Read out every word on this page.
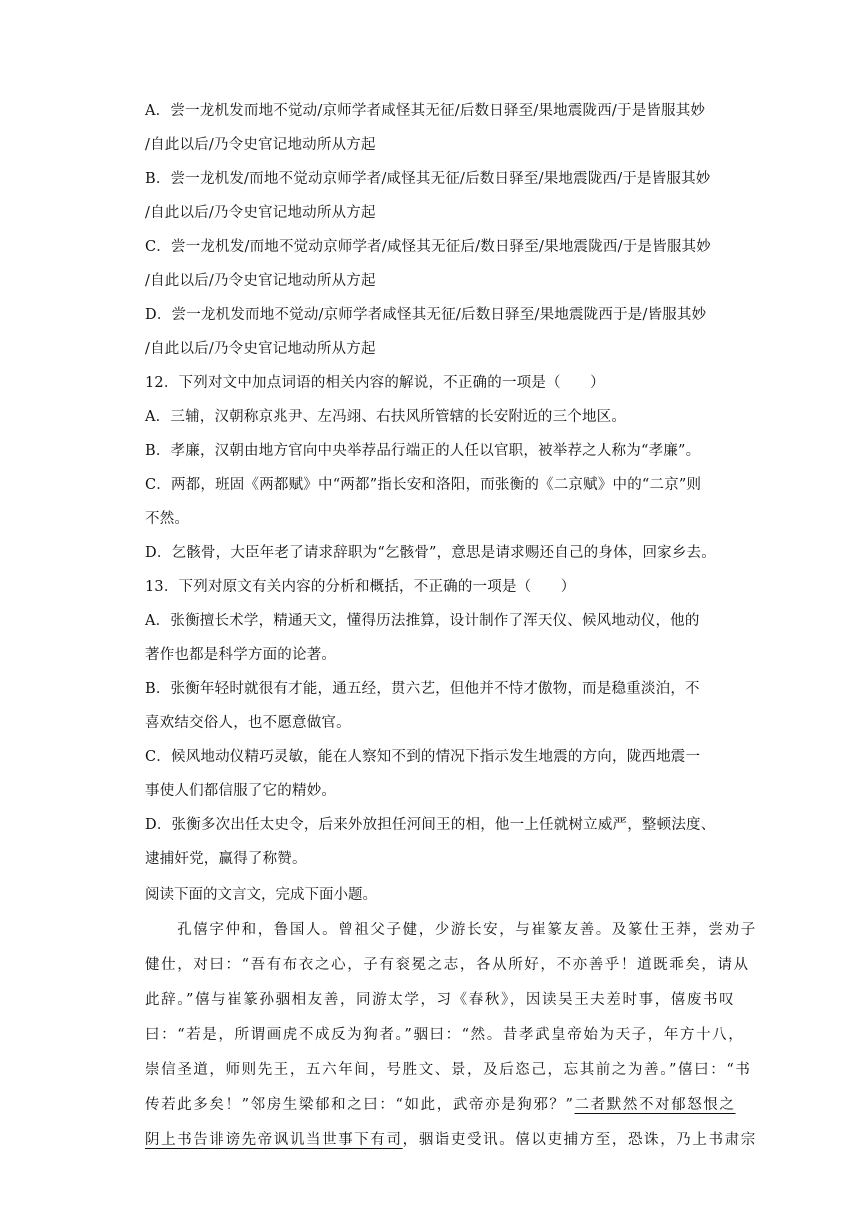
A．尝一龙机发而地不觉动/京师学者咸怪其无征/后数日驿至/果地震陇西/于是皆服其妙
/自此以后/乃令史官记地动所从方起
B．尝一龙机发/而地不觉动京师学者/咸怪其无征/后数日驿至/果地震陇西/于是皆服其妙
/自此以后/乃令史官记地动所从方起
C．尝一龙机发/而地不觉动京师学者/咸怪其无征后/数日驿至/果地震陇西/于是皆服其妙
/自此以后/乃令史官记地动所从方起
D．尝一龙机发而地不觉动/京师学者咸怪其无征/后数日驿至/果地震陇西于是/皆服其妙
/自此以后/乃令史官记地动所从方起
12．下列对文中加点词语的相关内容的解说，不正确的一项是（　　）
A．三辅，汉朝称京兆尹、左冯翊、右扶风所管辖的长安附近的三个地区。
B．孝廉，汉朝由地方官向中央举荐品行端正的人任以官职，被举荐之人称为“孝廉”。
C．两都，班固《两都赋》中“两都”指长安和洛阳，而张衡的《二京赋》中的“二京”则
不然。
D．乞骸骨，大臣年老了请求辞职为“乞骸骨”，意思是请求赐还自己的身体，回家乡去。
13．下列对原文有关内容的分析和概括，不正确的一项是（　　）
A．张衡擅长术学，精通天文，懂得历法推算，设计制作了浑天仪、候风地动仪，他的
著作也都是科学方面的论著。
B．张衡年轻时就很有才能，通五经，贯六艺，但他并不恃才傲物，而是稳重淡泊，不
喜欢结交俗人，也不愿意做官。
C．候风地动仪精巧灵敏，能在人察知不到的情况下指示发生地震的方向，陇西地震一
事使人们都信服了它的精妙。
D．张衡多次出任太史令，后来外放担任河间王的相，他一上任就树立威严，整顿法度、
逮捕奸党，赢得了称赞。
阅读下面的文言文，完成下面小题。
　　孔僖字仲和，鲁国人。曾祖父子健，少游长安，与崔篆友善。及篆仕王莽，尝劝子
健仕，对曰：“吾有布衣之心，子有衮冕之志，各从所好，不亦善乎！道既乖矣，请从
此辞。”僖与崔篆孙骃相友善，同游太学，习《春秋》，因读吴王夫差时事，僖废书叹
曰：“若是，所谓画虎不成反为狗者。”骃曰：“然。昔孝武皇帝始为天子，年方十八，
崇信圣道，师则先王，五六年间，号胜文、景，及后恣己，忘其前之为善。”僖曰：“书
传若此多矣！”邻房生梁郁和之曰：“如此，武帝亦是狗邪？”二者默然不对郁怒恨之
阴上书告诽谤先帝讽讥当世事下有司，骃诣吏受讯。僖以吏捕方至，恐诛，乃上书肃宗
